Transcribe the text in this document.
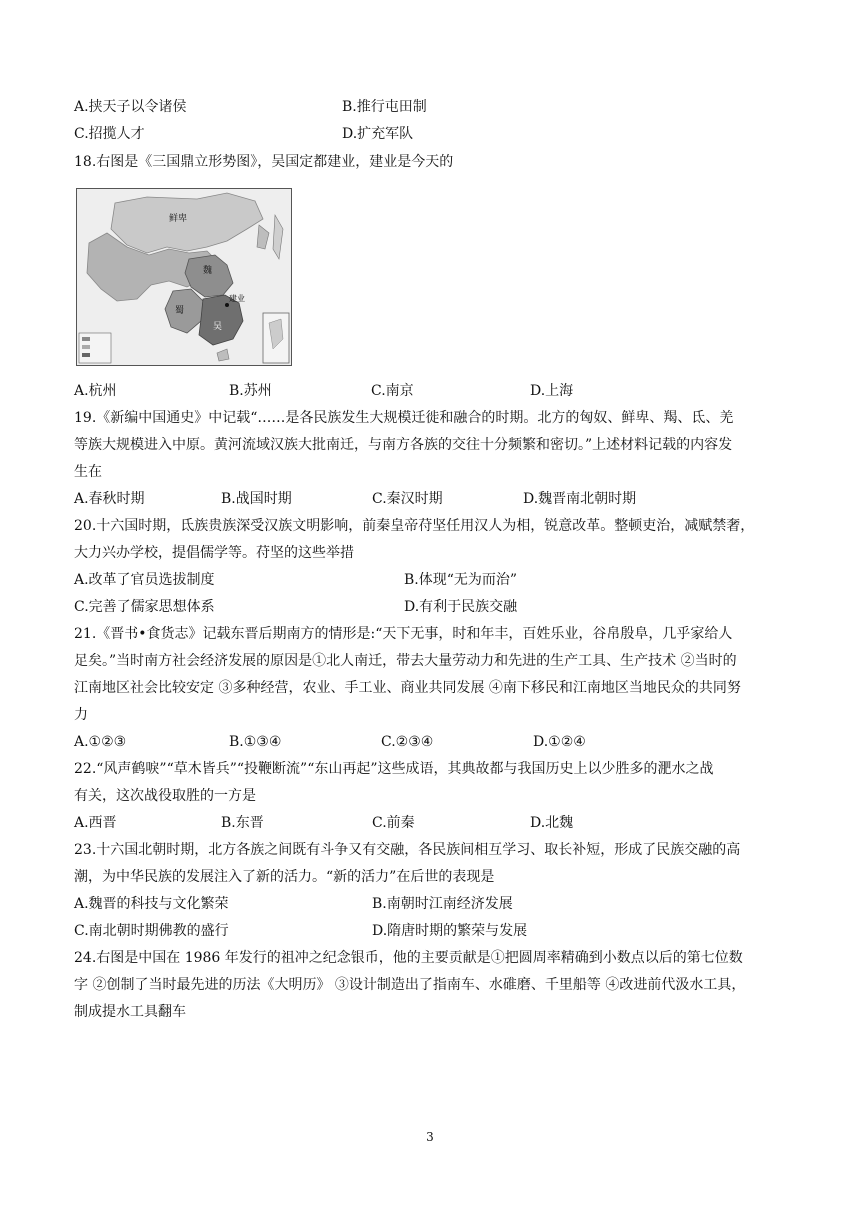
A.挟天子以令诸侯	B.推行屯田制
C.招揽人才	D.扩充军队
18.右图是《三国鼎立形势图》，吴国定都建业，建业是今天的
鲜卑
魏
蜀
吴
建业
A.杭州	B.苏州	C.南京	D.上海
19.《新编中国通史》中记载“……是各民族发生大规模迁徙和融合的时期。北方的匈奴、鲜卑、羯、氐、羌
等族大规模进入中原。黄河流域汉族大批南迁，与南方各族的交往十分频繁和密切。”上述材料记载的内容发
生在
A.春秋时期	B.战国时期	C.秦汉时期	D.魏晋南北朝时期
20.十六国时期，氐族贵族深受汉族文明影响，前秦皇帝苻坚任用汉人为相，锐意改革。整顿吏治，减赋禁奢，
大力兴办学校，提倡儒学等。苻坚的这些举措
A.改革了官员选拔制度	B.体现“无为而治”
C.完善了儒家思想体系	D.有利于民族交融
21.《晋书•食货志》记载东晋后期南方的情形是:“天下无事，时和年丰，百姓乐业，谷帛殷阜，几乎家给人
足矣。”当时南方社会经济发展的原因是①北人南迁，带去大量劳动力和先进的生产工具、生产技术 ②当时的
江南地区社会比较安定 ③多种经营，农业、手工业、商业共同发展 ④南下移民和江南地区当地民众的共同努
力
A.①②③	B.①③④	C.②③④	D.①②④
22.“风声鹤唳”“草木皆兵”“投鞭断流”“东山再起”这些成语，其典故都与我国历史上以少胜多的淝水之战
有关，这次战役取胜的一方是
A.西晋	B.东晋	C.前秦	D.北魏
23.十六国北朝时期，北方各族之间既有斗争又有交融，各民族间相互学习、取长补短，形成了民族交融的高
潮，为中华民族的发展注入了新的活力。“新的活力”在后世的表现是
A.魏晋的科技与文化繁荣	B.南朝时江南经济发展
C.南北朝时期佛教的盛行	D.隋唐时期的繁荣与发展
24.右图是中国在 1986 年发行的祖冲之纪念银币，他的主要贡献是①把圆周率精确到小数点以后的第七位数
字 ②创制了当时最先进的历法《大明历》 ③设计制造出了指南车、水碓磨、千里船等 ④改进前代汲水工具，
制成提水工具翻车
3
